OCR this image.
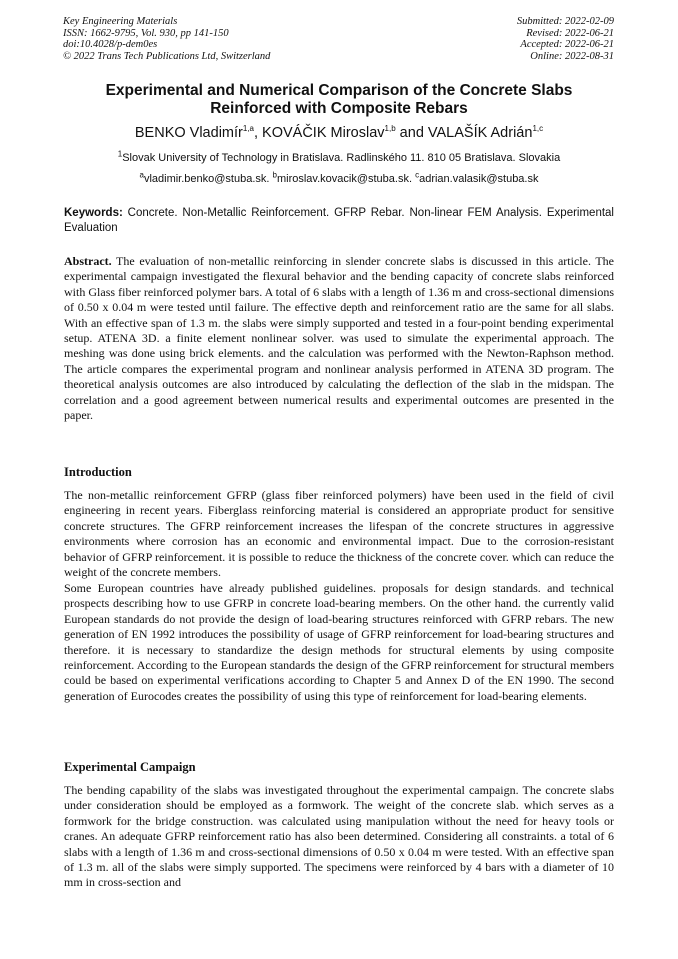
Key Engineering Materials
ISSN: 1662-9795, Vol. 930, pp 141-150
doi:10.4028/p-dem0es
© 2022 Trans Tech Publications Ltd, Switzerland
Submitted: 2022-02-09
Revised: 2022-06-21
Accepted: 2022-06-21
Online: 2022-08-31
Experimental and Numerical Comparison of the Concrete Slabs
Reinforced with Composite Rebars
BENKO Vladimír$^{1,a}$, KOVÁČIK Miroslav$^{1,b}$ and VALAŠÍK Adrián$^{1,c}$
$^1$Slovak University of Technology in Bratislava. Radlinského 11. 810 05 Bratislava. Slovakia
$^a$vladimir.benko@stuba.sk. $^b$miroslav.kovacik@stuba.sk. $^c$adrian.valasik@stuba.sk
Keywords: Concrete. Non-Metallic Reinforcement. GFRP Rebar. Non-linear FEM Analysis. Experimental Evaluation

Abstract. The evaluation of non-metallic reinforcing in slender concrete slabs is discussed in this article. The experimental campaign investigated the flexural behavior and the bending capacity of concrete slabs reinforced with Glass fiber reinforced polymer bars. A total of 6 slabs with a length of 1.36 m and cross-sectional dimensions of 0.50 x 0.04 m were tested until failure. The effective depth and reinforcement ratio are the same for all slabs. With an effective span of 1.3 m. the slabs were simply supported and tested in a four-point bending experimental setup. ATENA 3D. a finite element nonlinear solver. was used to simulate the experimental approach. The meshing was done using brick elements. and the calculation was performed with the Newton-Raphson method. The article compares the experimental program and nonlinear analysis performed in ATENA 3D program. The theoretical analysis outcomes are also introduced by calculating the deflection of the slab in the midspan. The correlation and a good agreement between numerical results and experimental outcomes are presented in the paper.

Introduction

The non-metallic reinforcement GFRP (glass fiber reinforced polymers) have been used in the field of civil engineering in recent years. Fiberglass reinforcing material is considered an appropriate product for sensitive concrete structures. The GFRP reinforcement increases the lifespan of the concrete structures in aggressive environments where corrosion has an economic and environmental impact. Due to the corrosion-resistant behavior of GFRP reinforcement. it is possible to reduce the thickness of the concrete cover. which can reduce the weight of the concrete members.

Some European countries have already published guidelines. proposals for design standards. and technical prospects describing how to use GFRP in concrete load-bearing members. On the other hand. the currently valid European standards do not provide the design of load-bearing structures reinforced with GFRP rebars. The new generation of EN 1992 introduces the possibility of usage of GFRP reinforcement for load-bearing structures and therefore. it is necessary to standardize the design methods for structural elements by using composite reinforcement. According to the European standards the design of the GFRP reinforcement for structural members could be based on experimental verifications according to Chapter 5 and Annex D of the EN 1990. The second generation of Eurocodes creates the possibility of using this type of reinforcement for load-bearing elements.

Experimental Campaign

The bending capability of the slabs was investigated throughout the experimental campaign. The concrete slabs under consideration should be employed as a formwork. The weight of the concrete slab. which serves as a formwork for the bridge construction. was calculated using manipulation without the need for heavy tools or cranes. An adequate GFRP reinforcement ratio has also been determined. Considering all constraints. a total of 6 slabs with a length of 1.36 m and cross-sectional dimensions of 0.50 x 0.04 m were tested. With an effective span of 1.3 m. all of the slabs were simply supported. The specimens were reinforced by 4 bars with a diameter of 10 mm in cross-section and
